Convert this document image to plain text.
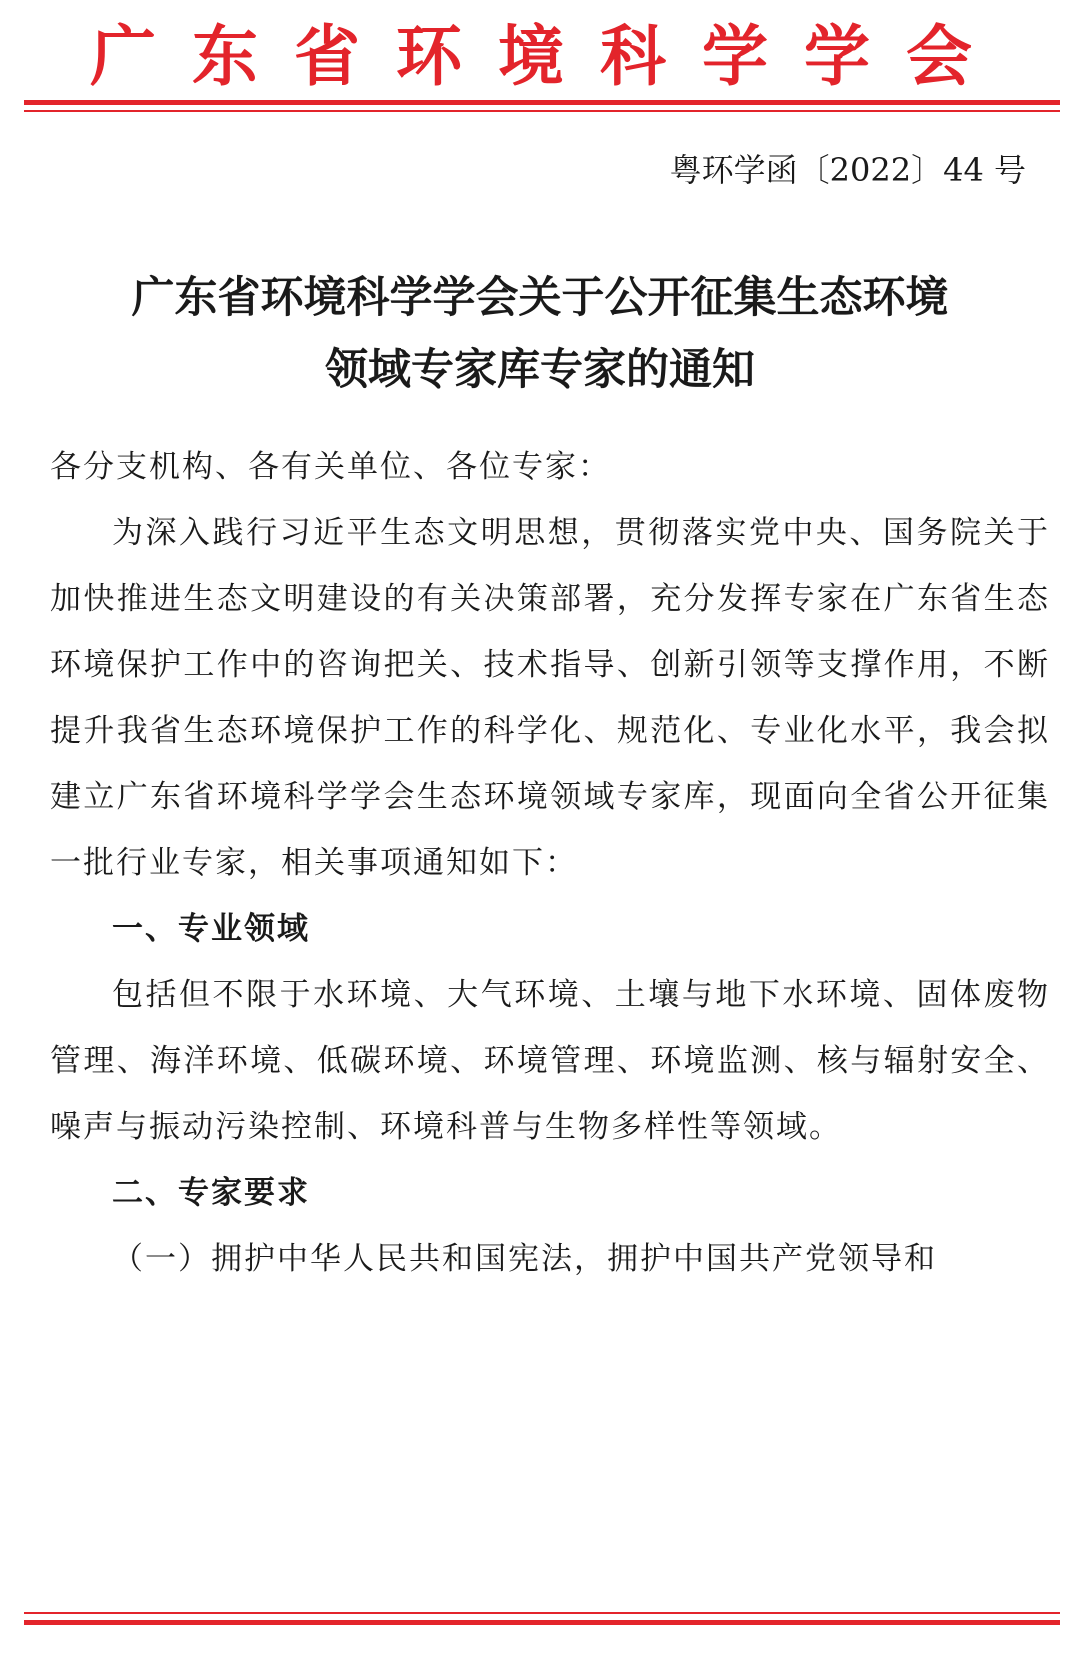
广东省环境科学学会
粤环学函〔2022〕44 号
广东省环境科学学会关于公开征集生态环境
领域专家库专家的通知

各分支机构、各有关单位、各位专家：

为深入践行习近平生态文明思想，贯彻落实党中央、国务院关于加快推进生态文明建设的有关决策部署，充分发挥专家在广东省生态环境保护工作中的咨询把关、技术指导、创新引领等支撑作用，不断提升我省生态环境保护工作的科学化、规范化、专业化水平，我会拟建立广东省环境科学学会生态环境领域专家库，现面向全省公开征集一批行业专家，相关事项通知如下：

一、专业领域

包括但不限于水环境、大气环境、土壤与地下水环境、固体废物管理、海洋环境、低碳环境、环境管理、环境监测、核与辐射安全、噪声与振动污染控制、环境科普与生物多样性等领域。

二、专家要求

（一）拥护中华人民共和国宪法，拥护中国共产党领导和
